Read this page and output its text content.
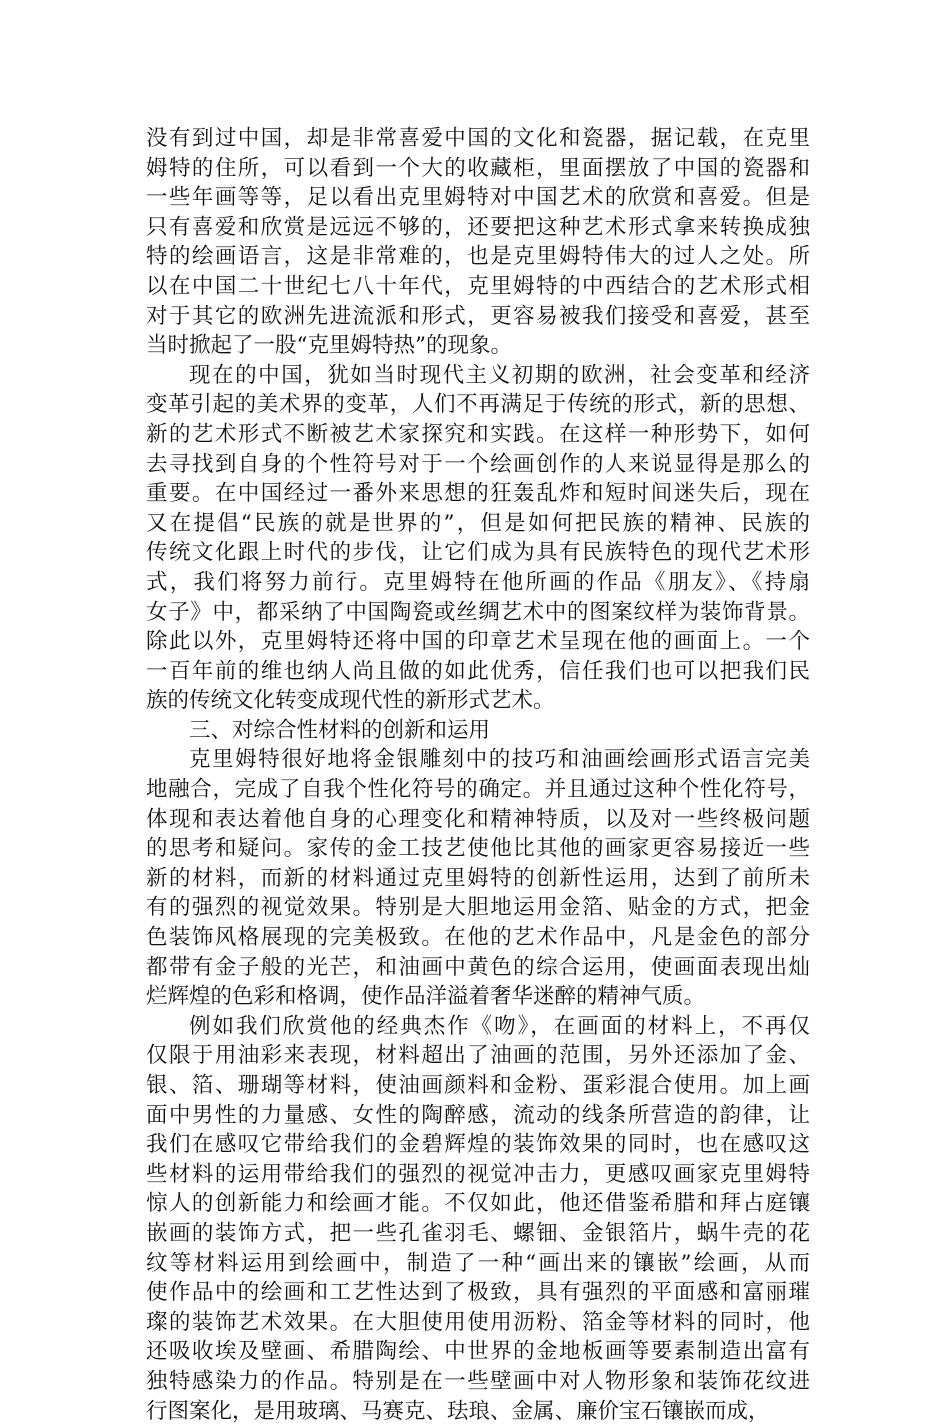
没有到过中国，却是非常喜爱中国的文化和瓷器，据记载，在克里
姆特的住所，可以看到一个大的收藏柜，里面摆放了中国的瓷器和
一些年画等等，足以看出克里姆特对中国艺术的欣赏和喜爱。但是
只有喜爱和欣赏是远远不够的，还要把这种艺术形式拿来转换成独
特的绘画语言，这是非常难的，也是克里姆特伟大的过人之处。所
以在中国二十世纪七八十年代，克里姆特的中西结合的艺术形式相
对于其它的欧洲先进流派和形式，更容易被我们接受和喜爱，甚至
当时掀起了一股“克里姆特热”的现象。
现在的中国，犹如当时现代主义初期的欧洲，社会变革和经济
变革引起的美术界的变革，人们不再满足于传统的形式，新的思想、
新的艺术形式不断被艺术家探究和实践。在这样一种形势下，如何
去寻找到自身的个性符号对于一个绘画创作的人来说显得是那么的
重要。在中国经过一番外来思想的狂轰乱炸和短时间迷失后，现在
又在提倡“民族的就是世界的”，但是如何把民族的精神、民族的
传统文化跟上时代的步伐，让它们成为具有民族特色的现代艺术形
式，我们将努力前行。克里姆特在他所画的作品《朋友》、《持扇
女子》中，都采纳了中国陶瓷或丝绸艺术中的图案纹样为装饰背景。
除此以外，克里姆特还将中国的印章艺术呈现在他的画面上。一个
一百年前的维也纳人尚且做的如此优秀，信任我们也可以把我们民
族的传统文化转变成现代性的新形式艺术。
三、对综合性材料的创新和运用
克里姆特很好地将金银雕刻中的技巧和油画绘画形式语言完美
地融合，完成了自我个性化符号的确定。并且通过这种个性化符号，
体现和表达着他自身的心理变化和精神特质，以及对一些终极问题
的思考和疑问。家传的金工技艺使他比其他的画家更容易接近一些
新的材料，而新的材料通过克里姆特的创新性运用，达到了前所未
有的强烈的视觉效果。特别是大胆地运用金箔、贴金的方式，把金
色装饰风格展现的完美极致。在他的艺术作品中，凡是金色的部分
都带有金子般的光芒，和油画中黄色的综合运用，使画面表现出灿
烂辉煌的色彩和格调，使作品洋溢着奢华迷醉的精神气质。
例如我们欣赏他的经典杰作《吻》，在画面的材料上，不再仅
仅限于用油彩来表现，材料超出了油画的范围，另外还添加了金、
银、箔、珊瑚等材料，使油画颜料和金粉、蛋彩混合使用。加上画
面中男性的力量感、女性的陶醉感，流动的线条所营造的韵律，让
我们在感叹它带给我们的金碧辉煌的装饰效果的同时，也在感叹这
些材料的运用带给我们的强烈的视觉冲击力，更感叹画家克里姆特
惊人的创新能力和绘画才能。不仅如此，他还借鉴希腊和拜占庭镶
嵌画的装饰方式，把一些孔雀羽毛、螺钿、金银箔片，蜗牛壳的花
纹等材料运用到绘画中，制造了一种“画出来的镶嵌”绘画，从而
使作品中的绘画和工艺性达到了极致，具有强烈的平面感和富丽璀
璨的装饰艺术效果。在大胆使用使用沥粉、箔金等材料的同时，他
还吸收埃及壁画、希腊陶绘、中世界的金地板画等要素制造出富有
独特感染力的作品。特别是在一些壁画中对人物形象和装饰花纹进
行图案化，是用玻璃、马赛克、珐琅、金属、廉价宝石镶嵌而成，
